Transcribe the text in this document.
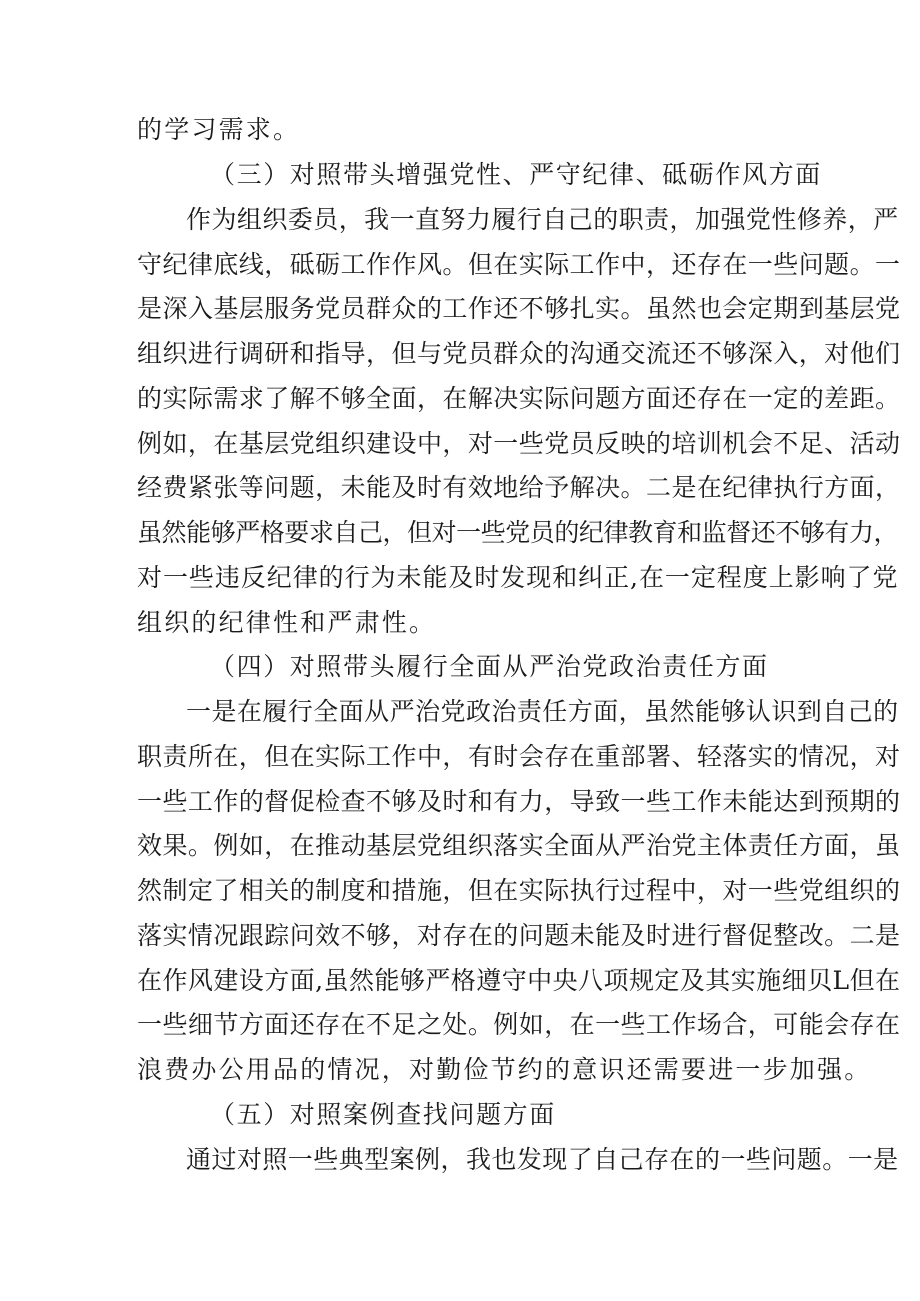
的学习需求。
（三）对照带头增强党性、严守纪律、砥砺作风方面
作为组织委员，我一直努力履行自己的职责，加强党性修养，严
守纪律底线，砥砺工作作风。但在实际工作中，还存在一些问题。一
是深入基层服务党员群众的工作还不够扎实。虽然也会定期到基层党
组织进行调研和指导，但与党员群众的沟通交流还不够深入，对他们
的实际需求了解不够全面，在解决实际问题方面还存在一定的差距。
例如，在基层党组织建设中，对一些党员反映的培训机会不足、活动
经费紧张等问题，未能及时有效地给予解决。二是在纪律执行方面，
虽然能够严格要求自己，但对一些党员的纪律教育和监督还不够有力，
对一些违反纪律的行为未能及时发现和纠正,在一定程度上影响了党
组织的纪律性和严肃性。
（四）对照带头履行全面从严治党政治责任方面
一是在履行全面从严治党政治责任方面，虽然能够认识到自己的
职责所在，但在实际工作中，有时会存在重部署、轻落实的情况，对
一些工作的督促检查不够及时和有力，导致一些工作未能达到预期的
效果。例如，在推动基层党组织落实全面从严治党主体责任方面，虽
然制定了相关的制度和措施，但在实际执行过程中，对一些党组织的
落实情况跟踪问效不够，对存在的问题未能及时进行督促整改。二是
在作风建设方面,虽然能够严格遵守中央八项规定及其实施细贝L但在
一些细节方面还存在不足之处。例如，在一些工作场合，可能会存在
浪费办公用品的情况，对勤俭节约的意识还需要进一步加强。
（五）对照案例查找问题方面
通过对照一些典型案例，我也发现了自己存在的一些问题。一是
